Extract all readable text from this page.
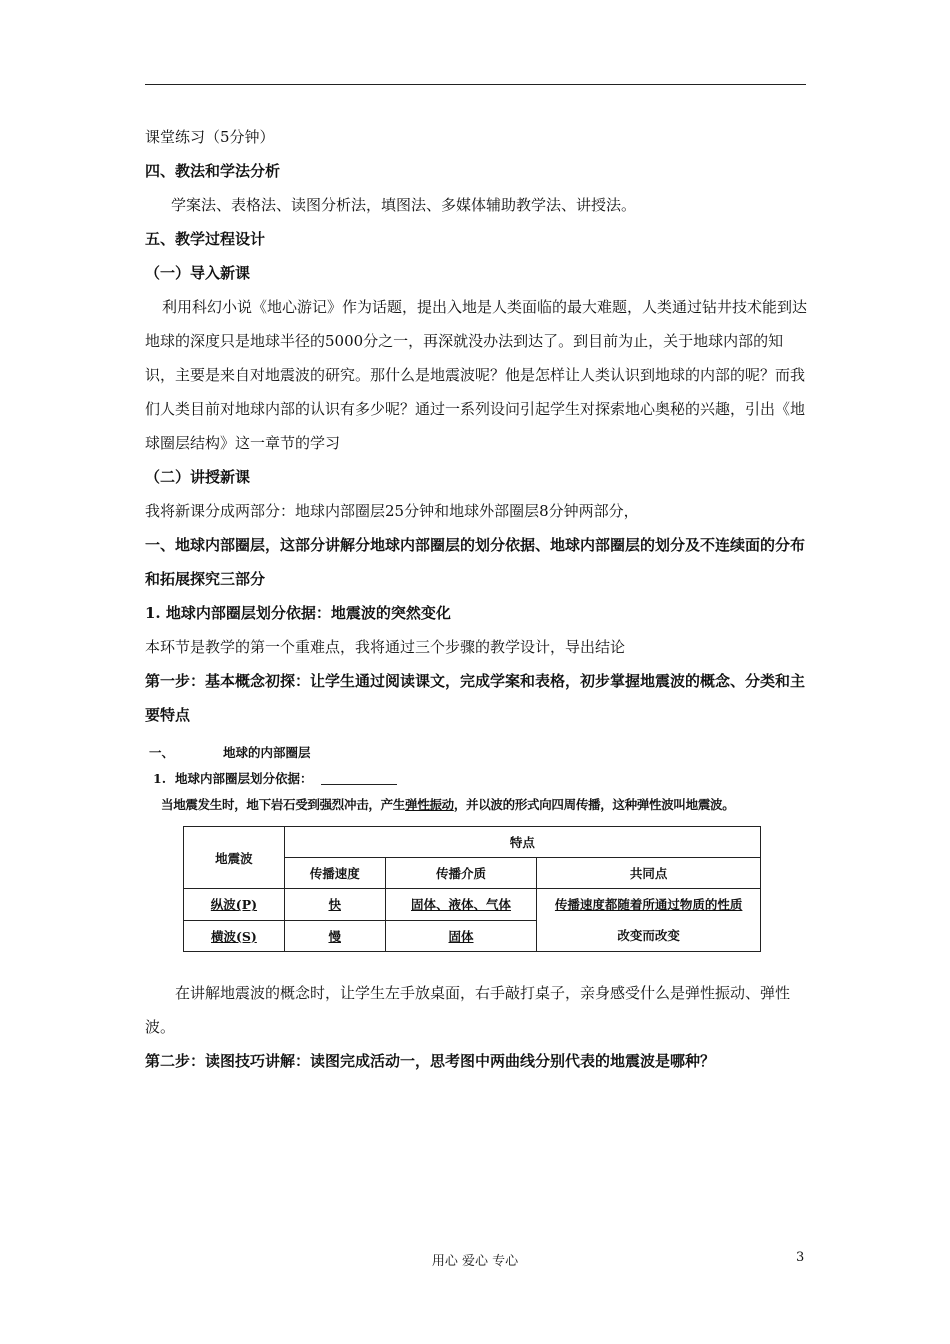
课堂练习（5分钟）
四、教法和学法分析
学案法、表格法、读图分析法，填图法、多媒体辅助教学法、讲授法。
五、教学过程设计
（一）导入新课

利用科幻小说《地心游记》作为话题，提出入地是人类面临的最大难题，人类通过钻井技术能到达地球的深度只是地球半径的5000分之一，再深就没办法到达了。到目前为止，关于地球内部的知识，主要是来自对地震波的研究。那什么是地震波呢？他是怎样让人类认识到地球的内部的呢？而我们人类目前对地球内部的认识有多少呢？通过一系列设问引起学生对探索地心奥秘的兴趣，引出《地球圈层结构》这一章节的学习

（二）讲授新课
我将新课分成两部分：地球内部圈层25分钟和地球外部圈层8分钟两部分，

一、地球内部圈层，这部分讲解分地球内部圈层的划分依据、地球内部圈层的划分及不连续面的分布和拓展探究三部分

1. 地球内部圈层划分依据：地震波的突然变化
本环节是教学的第一个重难点，我将通过三个步骤的教学设计，导出结论

第一步：基本概念初探：让学生通过阅读课文，完成学案和表格，初步掌握地震波的概念、分类和主要特点

一、	地球的内部圈层
1. 地球内部圈层划分依据：
当地震发生时，地下岩石受到强烈冲击，产生弹性振动，并以波的形式向四周传播，这种弹性波叫地震波。
地震波	特点		
	传播速度	传播介质	共同点
纵波(P)	快	固体、液体、气体	传播速度都随着所通过物质的性质
改变而改变
横波(S)	慢	固体	

在讲解地震波的概念时，让学生左手放桌面，右手敲打桌子，亲身感受什么是弹性振动、弹性波。

第二步：读图技巧讲解：读图完成活动一，思考图中两曲线分别代表的地震波是哪种？
用心 爱心 专心	3
